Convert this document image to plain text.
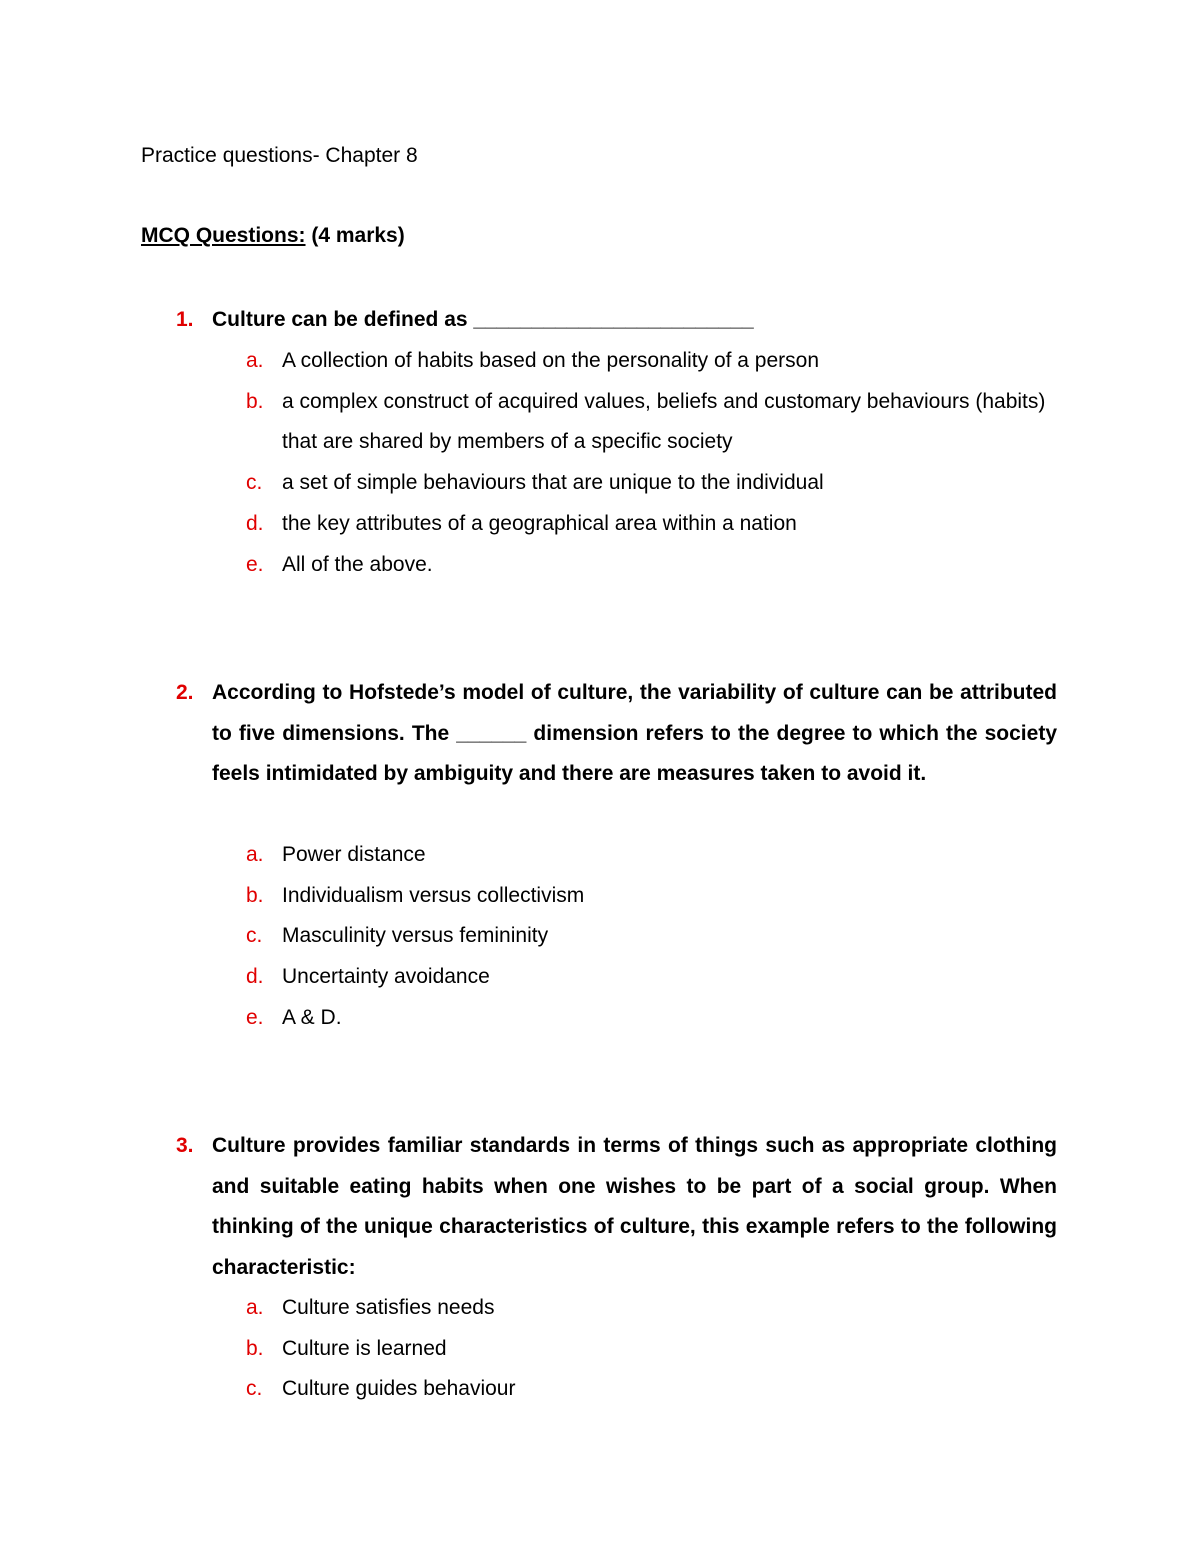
Practice questions- Chapter 8
MCQ Questions: (4 marks)
1. Culture can be defined as ________________________

a. A collection of habits based on the personality of a person
b. a complex construct of acquired values, beliefs and customary behaviours (habits) that are shared by members of a specific society
c. a set of simple behaviours that are unique to the individual
d. the key attributes of a geographical area within a nation
e. All of the above.
2. According to Hofstede’s model of culture, the variability of culture can be attributed to five dimensions. The ______ dimension refers to the degree to which the society feels intimidated by ambiguity and there are measures taken to avoid it.

a. Power distance
b. Individualism versus collectivism
c. Masculinity versus femininity
d. Uncertainty avoidance
e. A & D.
3. Culture provides familiar standards in terms of things such as appropriate clothing and suitable eating habits when one wishes to be part of a social group. When thinking of the unique characteristics of culture, this example refers to the following characteristic:

a. Culture satisfies needs
b. Culture is learned
c. Culture guides behaviour
